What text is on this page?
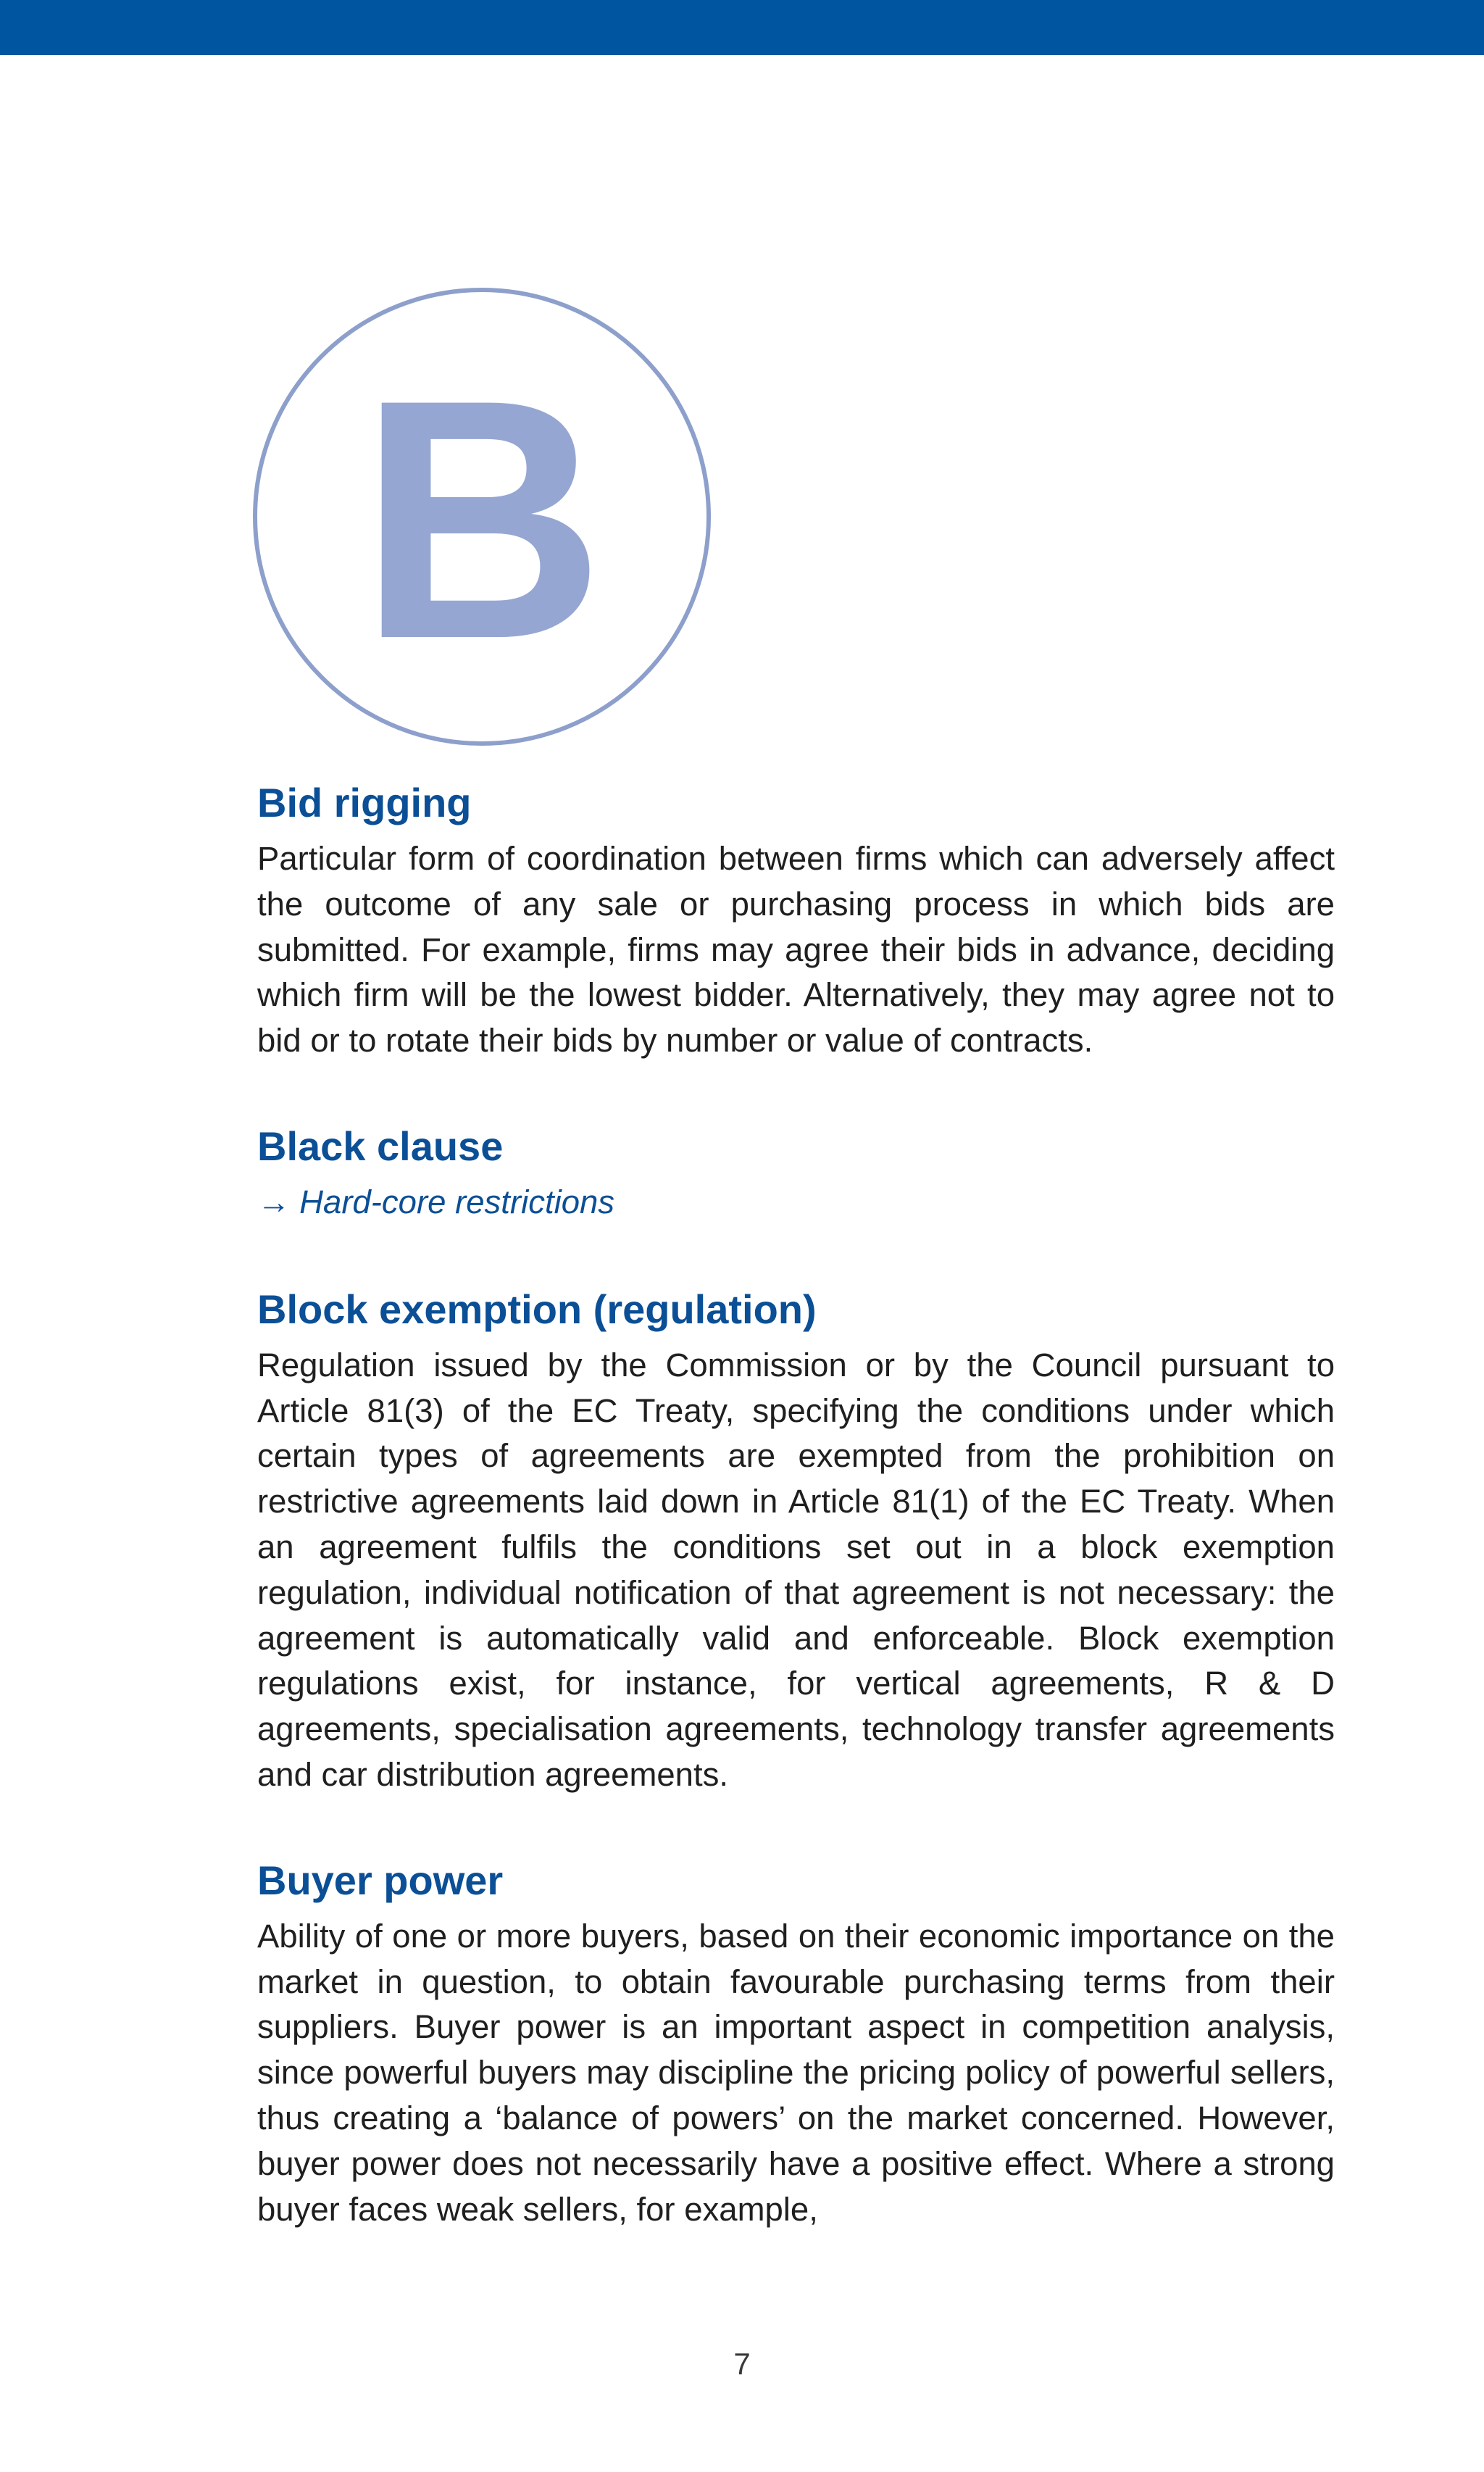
B
Bid rigging

Particular form of coordination between firms which can adversely affect the outcome of any sale or purchasing process in which bids are submitted. For example, firms may agree their bids in advance, deciding which firm will be the lowest bidder. Alternatively, they may agree not to bid or to rotate their bids by number or value of contracts.

Black clause

→ Hard-core restrictions

Block exemption (regulation)

Regulation issued by the Commission or by the Council pursuant to Article 81(3) of the EC Treaty, specifying the conditions under which certain types of agreements are exempted from the prohibition on restrictive agreements laid down in Article 81(1) of the EC Treaty. When an agreement fulfils the conditions set out in a block exemption regulation, individual notification of that agreement is not necessary: the agreement is automatically valid and enforceable. Block exemption regulations exist, for instance, for vertical agreements, R & D agreements, specialisation agreements, technology transfer agreements and car distribution agreements.

Buyer power

Ability of one or more buyers, based on their economic importance on the market in question, to obtain favourable purchasing terms from their suppliers. Buyer power is an important aspect in competition analysis, since powerful buyers may discipline the pricing policy of powerful sellers, thus creating a ‘balance of powers’ on the market concerned. However, buyer power does not necessarily have a positive effect. Where a strong buyer faces weak sellers, for example,

7
